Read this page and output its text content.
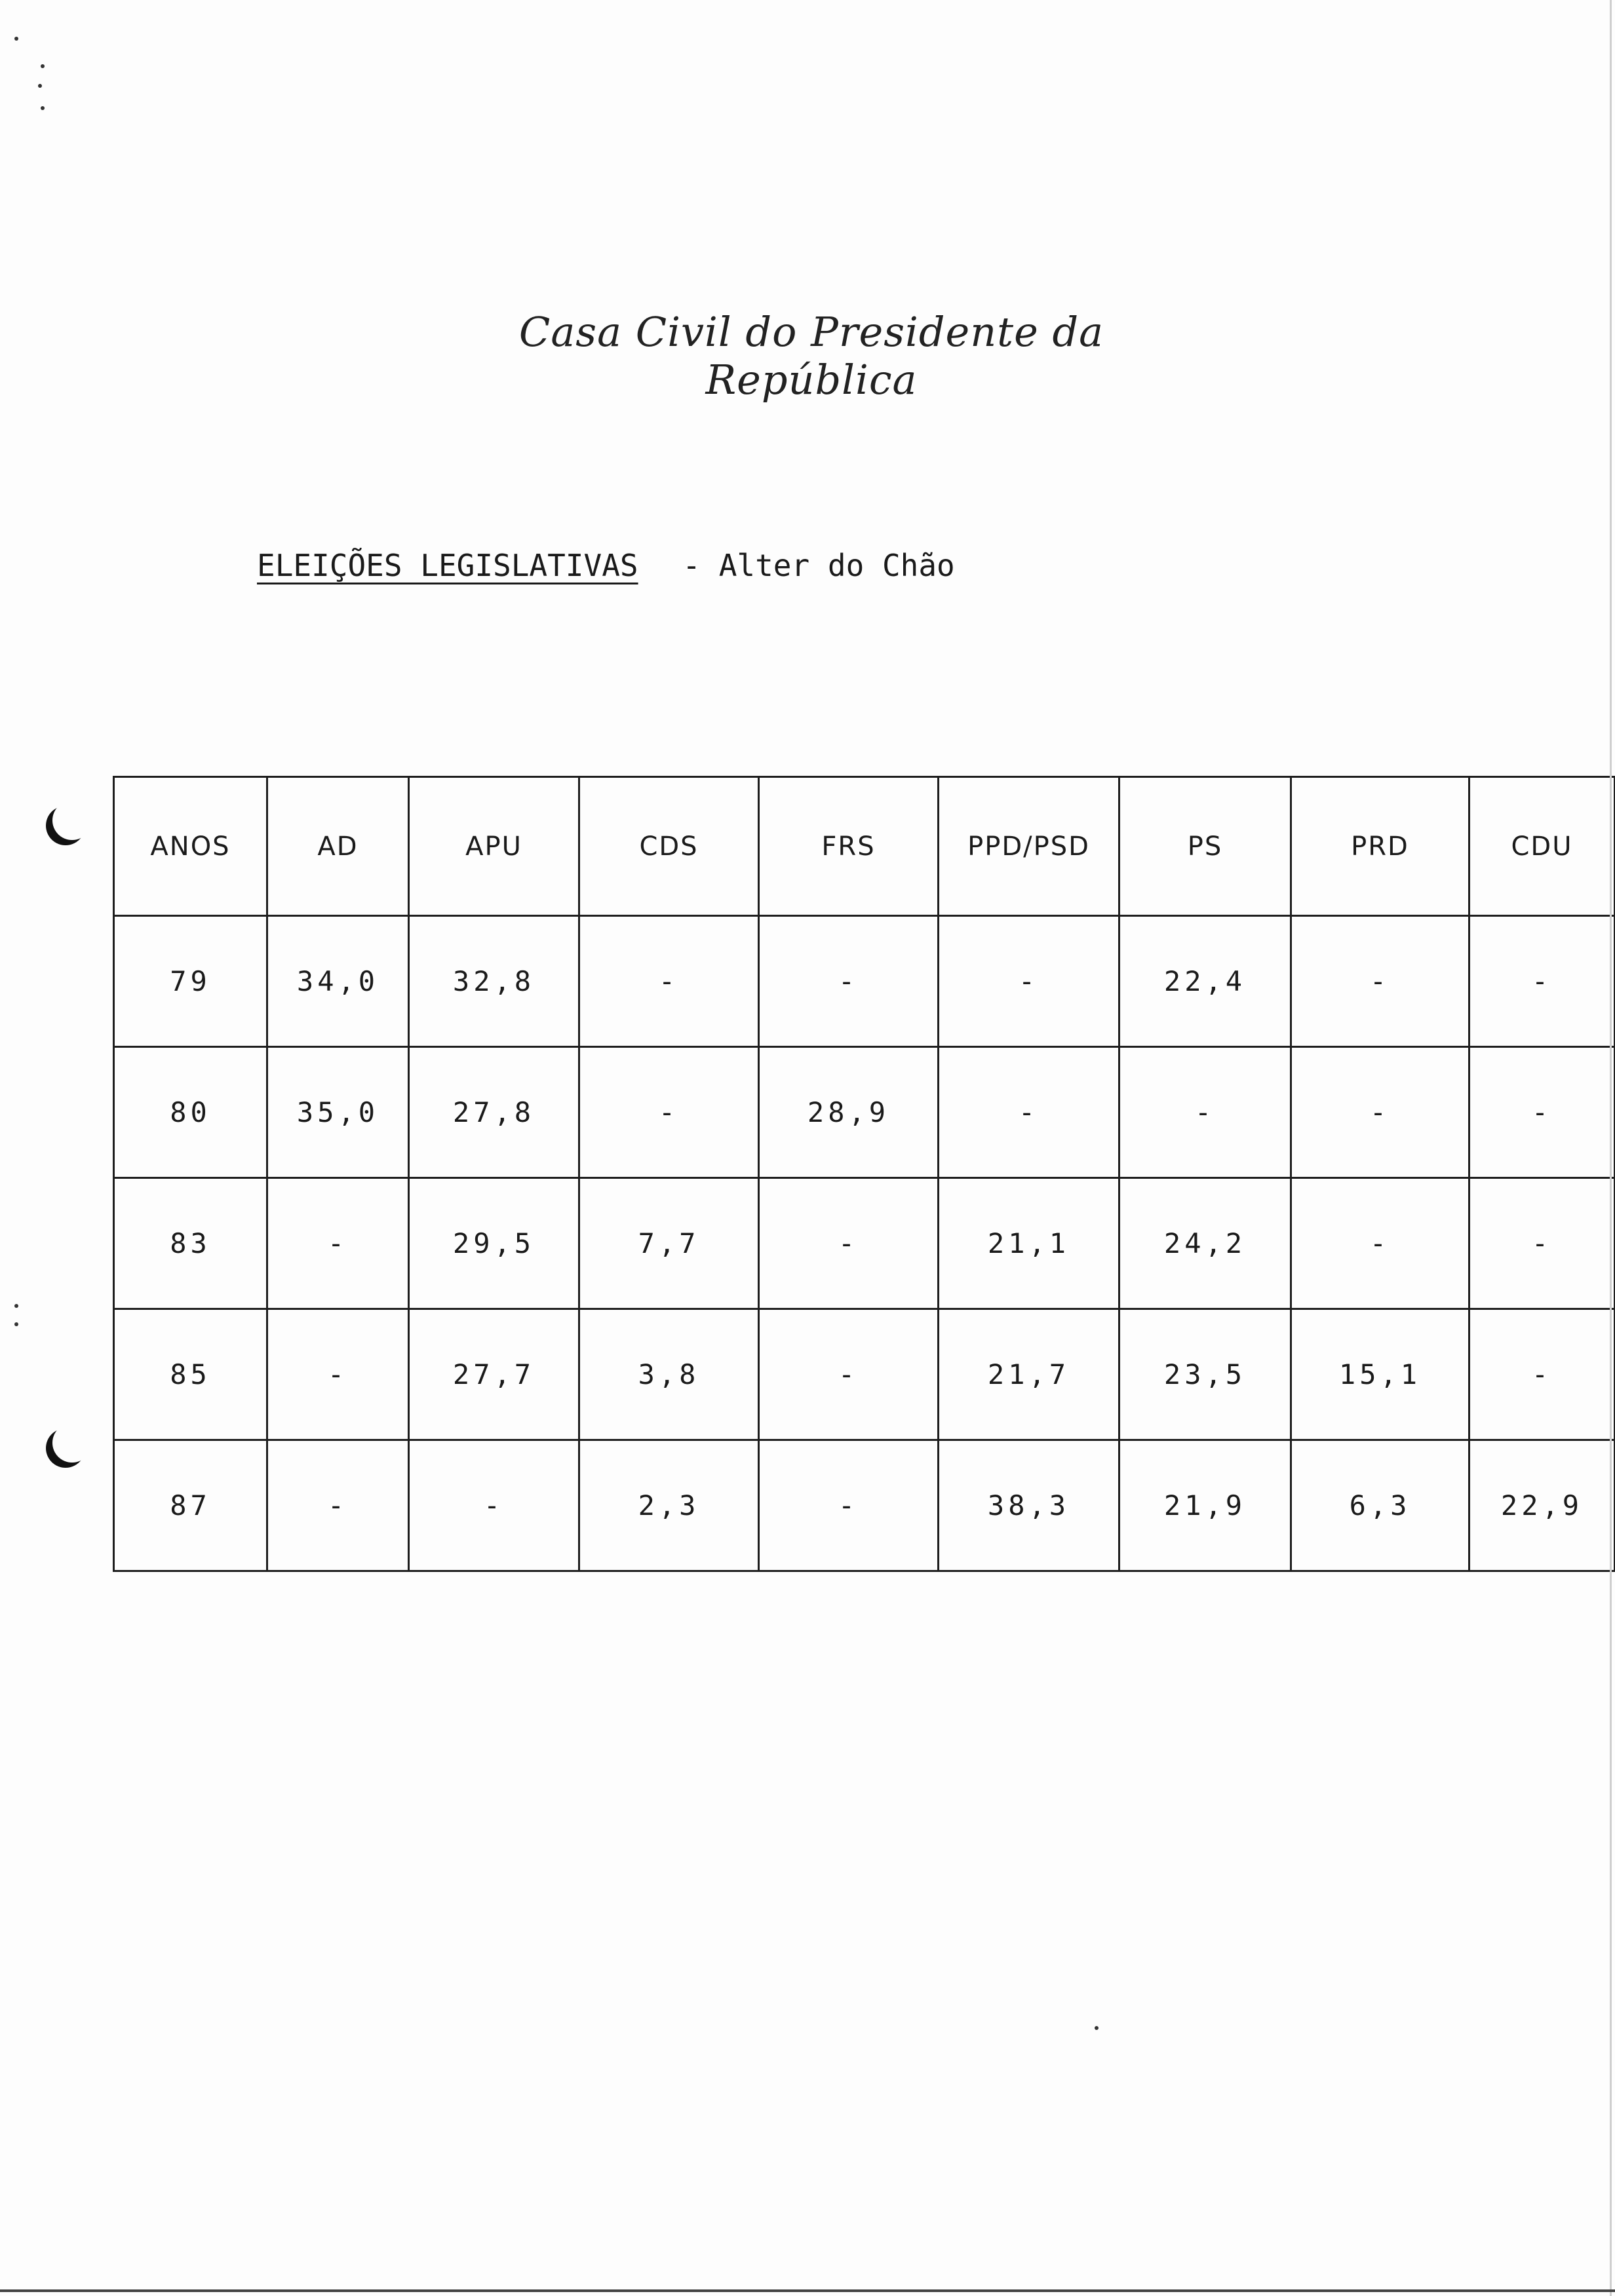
Casa Civil do Presidente da República
ELEIÇÕES LEGISLATIVAS - Alter do Chão
ANOS	AD	APU	CDS	FRS	PPD/PSD	PS	PRD	CDU
79	34,0	32,8	-	-	-	22,4	-	-
80	35,0	27,8	-	28,9	-	-	-	-
83	-	29,5	7,7	-	21,1	24,2	-	-
85	-	27,7	3,8	-	21,7	23,5	15,1	-
87	-	-	2,3	-	38,3	21,9	6,3	22,9
